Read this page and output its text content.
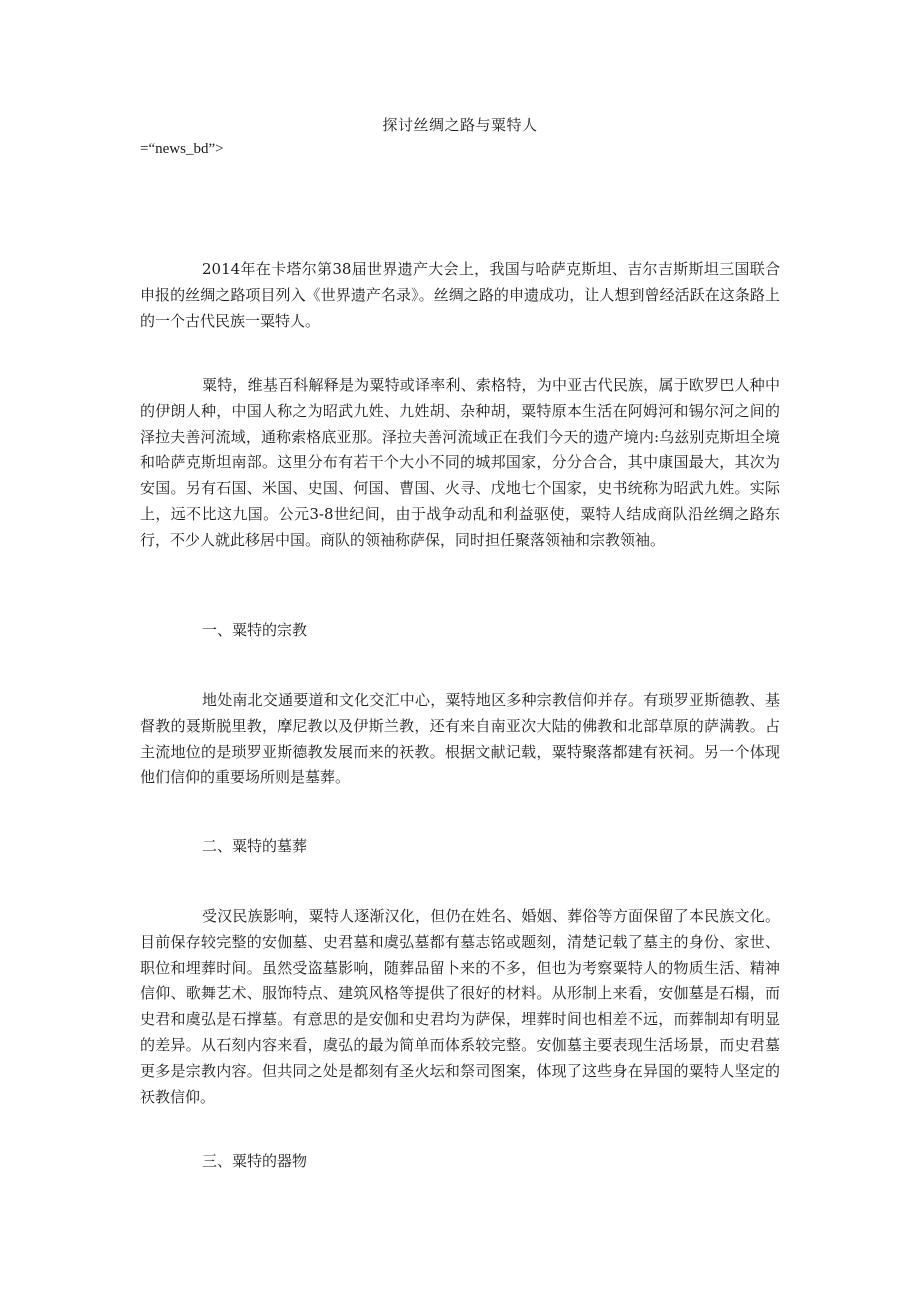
探讨丝绸之路与粟特人
=“news_bd”>

2014年在卡塔尔第38届世界遗产大会上，我国与哈萨克斯坦、吉尔吉斯斯坦三国联合申报的丝绸之路项目列入《世界遗产名录》。丝绸之路的申遗成功，让人想到曾经活跃在这条路上的一个古代民族一粟特人。

粟特，维基百科解释是为粟特或译率利、索格特，为中亚古代民族，属于欧罗巴人种中的伊朗人种，中国人称之为昭武九姓、九姓胡、杂种胡，粟特原本生活在阿姆河和锡尔河之间的泽拉夫善河流域，通称索格底亚那。泽拉夫善河流域正在我们今天的遗产境内:乌兹别克斯坦全境和哈萨克斯坦南部。这里分布有若干个大小不同的城邦国家，分分合合，其中康国最大，其次为安国。另有石国、米国、史国、何国、曹国、火寻、戊地七个国家，史书统称为昭武九姓。实际上，远不比这九国。公元3-8世纪间，由于战争动乱和利益驱使，粟特人结成商队沿丝绸之路东行，不少人就此移居中国。商队的领袖称萨保，同时担任聚落领袖和宗教领袖。

一、粟特的宗教

地处南北交通要道和文化交汇中心，粟特地区多种宗教信仰并存。有琐罗亚斯德教、基督教的聂斯脱里教，摩尼教以及伊斯兰教，还有来自南亚次大陆的佛教和北部草原的萨满教。占主流地位的是琐罗亚斯德教发展而来的祆教。根据文献记载，粟特聚落都建有祆祠。另一个体现他们信仰的重要场所则是墓葬。

二、粟特的墓葬

受汉民族影响，粟特人逐渐汉化，但仍在姓名、婚姻、葬俗等方面保留了本民族文化。目前保存较完整的安伽墓、史君墓和虞弘墓都有墓志铭或题刻，清楚记载了墓主的身份、家世、职位和埋葬时间。虽然受盗墓影响，随葬品留卜来的不多，但也为考察粟特人的物质生活、精神信仰、歌舞艺术、服饰特点、建筑风格等提供了很好的材料。从形制上来看，安伽墓是石榻，而史君和虞弘是石撑墓。有意思的是安伽和史君均为萨保，埋葬时间也相差不远，而葬制却有明显的差异。从石刻内容来看，虞弘的最为简单而体系较完整。安伽墓主要表现生活场景，而史君墓更多是宗教内容。但共同之处是都刻有圣火坛和祭司图案，体现了这些身在异国的粟特人坚定的祆教信仰。

三、粟特的器物
